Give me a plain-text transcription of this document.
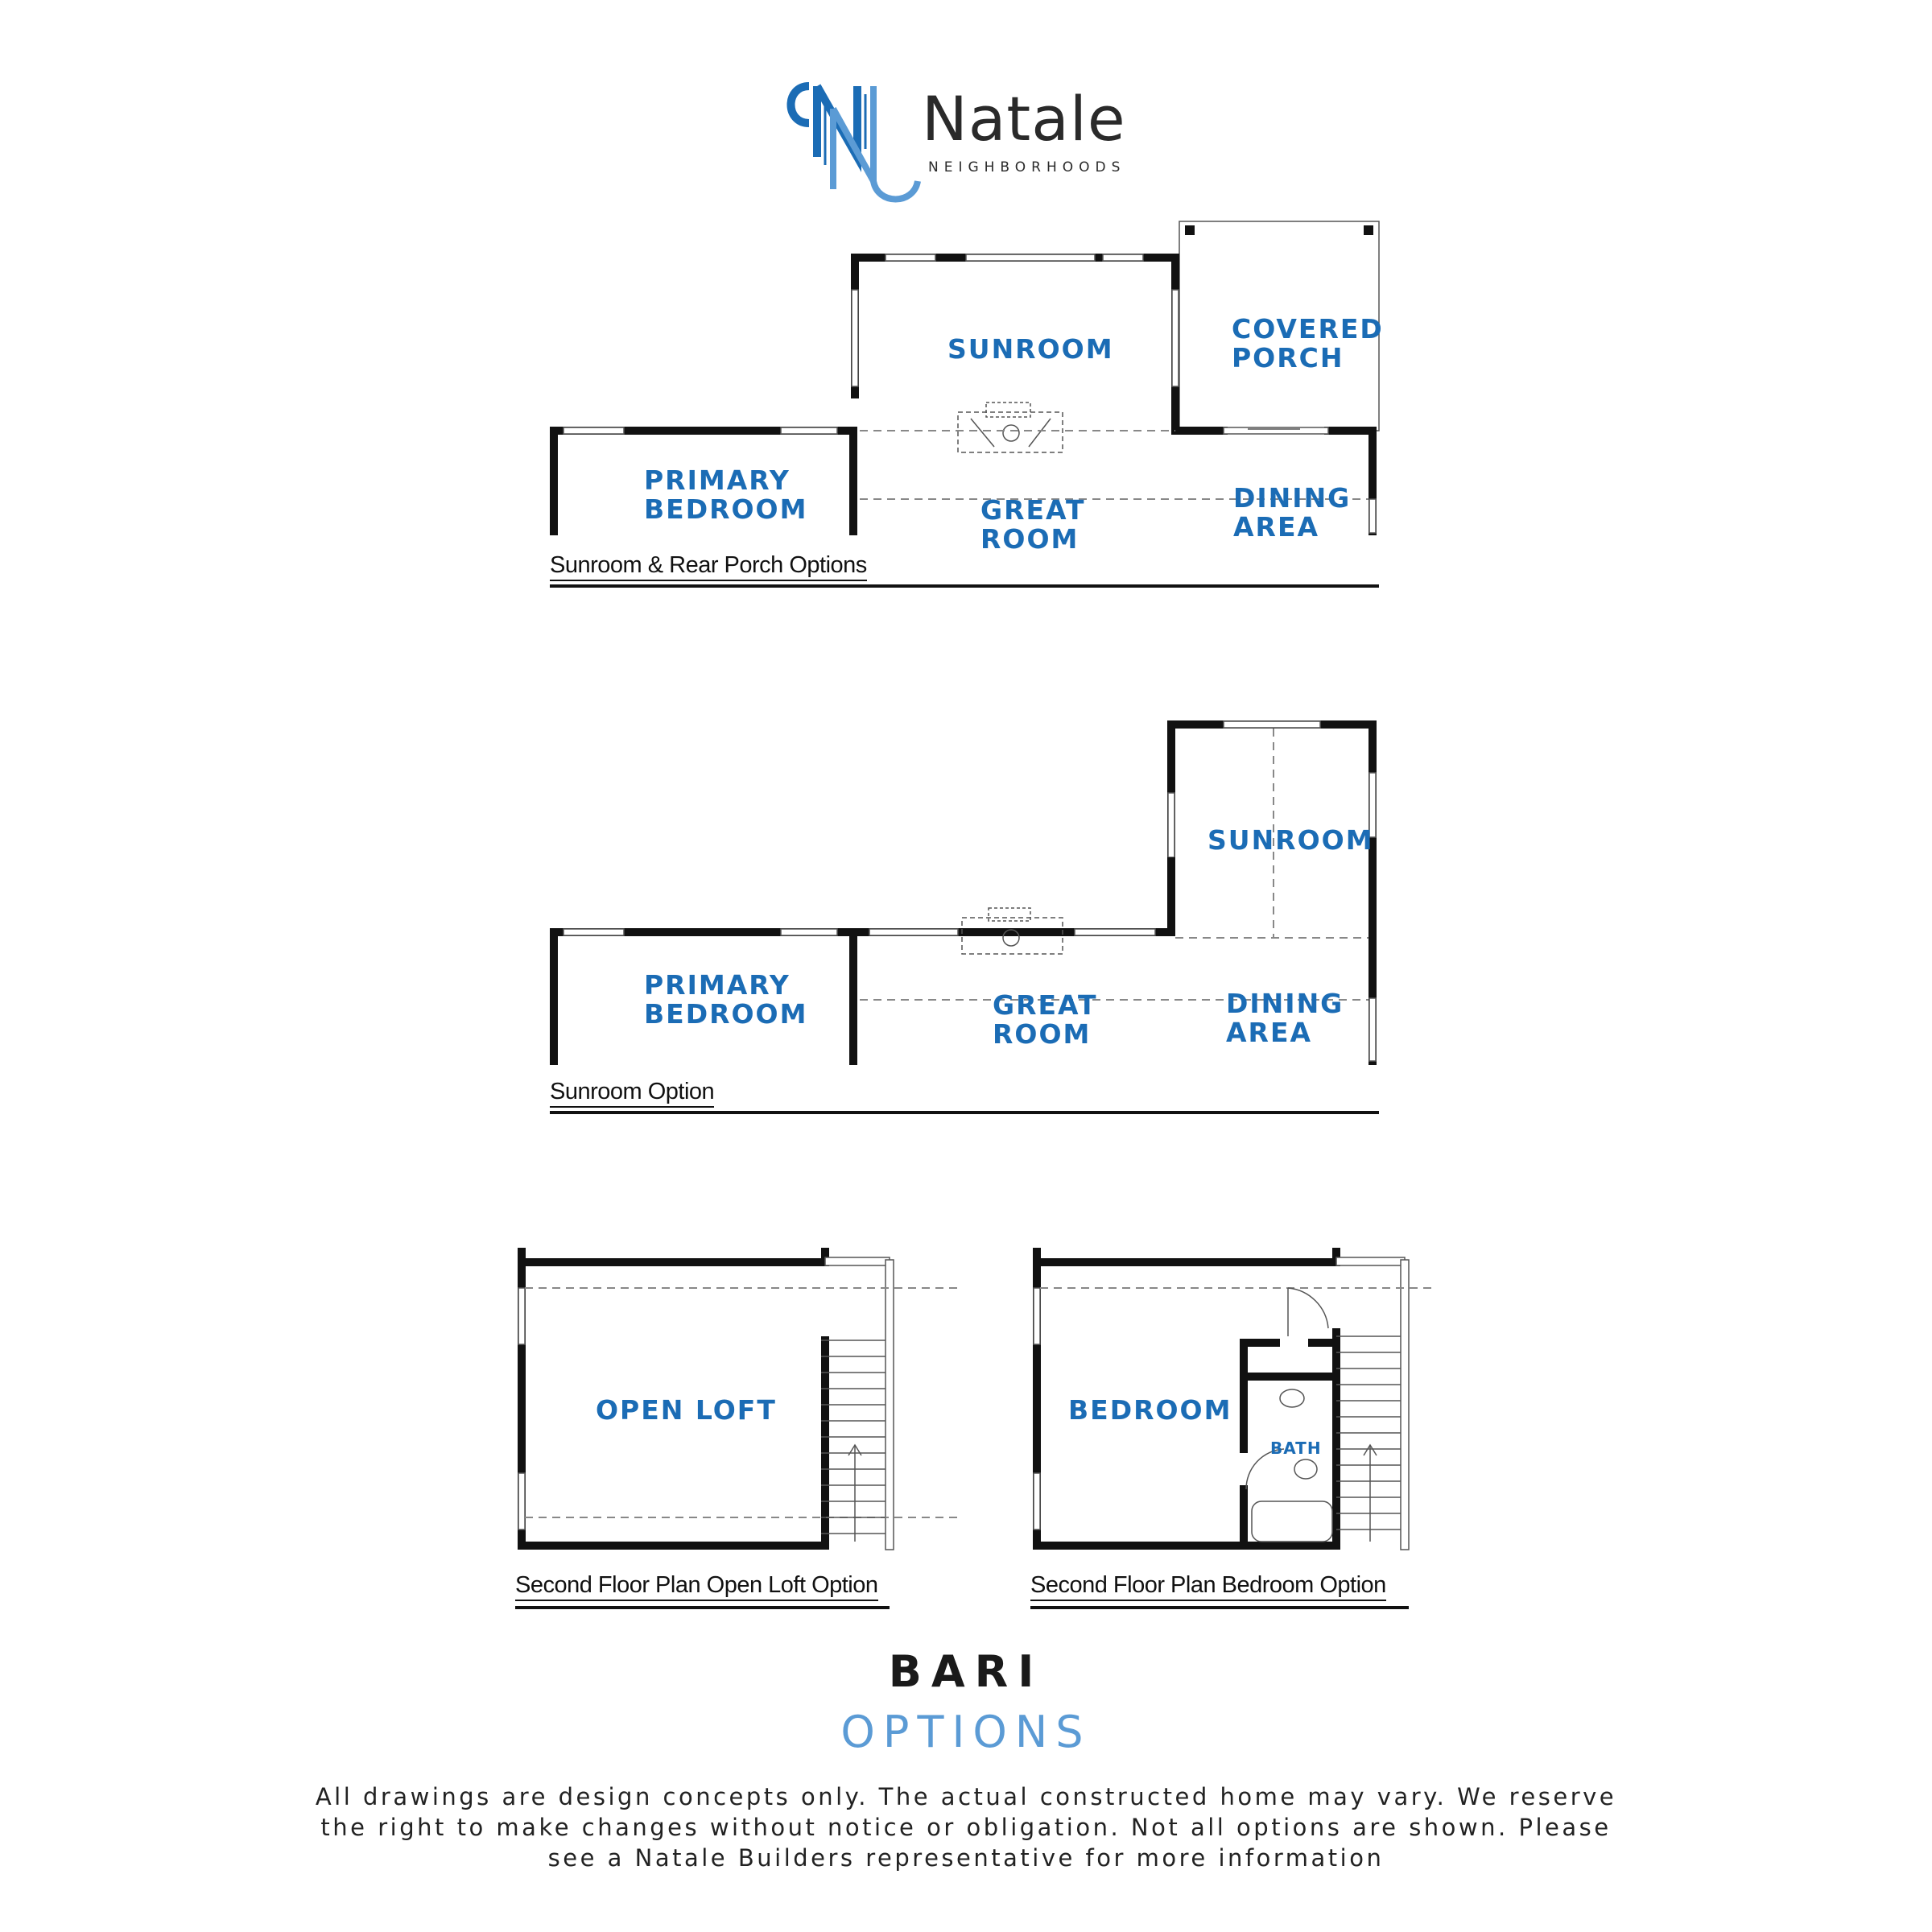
Natale
NEIGHBORHOODS
SUNROOM
COVERED
PORCH
PRIMARY
BEDROOM	GREAT
ROOM
DINING
AREA
Sunroom & Rear Porch Options
SUNROOM
PRIMARY
BEDROOM	GREAT
ROOM
DINING
AREA
Sunroom Option
OPEN LOFT
Second Floor Plan Open Loft Option
BEDROOM
BATH
Second Floor Plan Bedroom Option
BARI
OPTIONS
All drawings are design concepts only. The actual constructed home may vary. We reserve
the right to make changes without notice or obligation. Not all options are shown. Please
see a Natale Builders representative for more information
